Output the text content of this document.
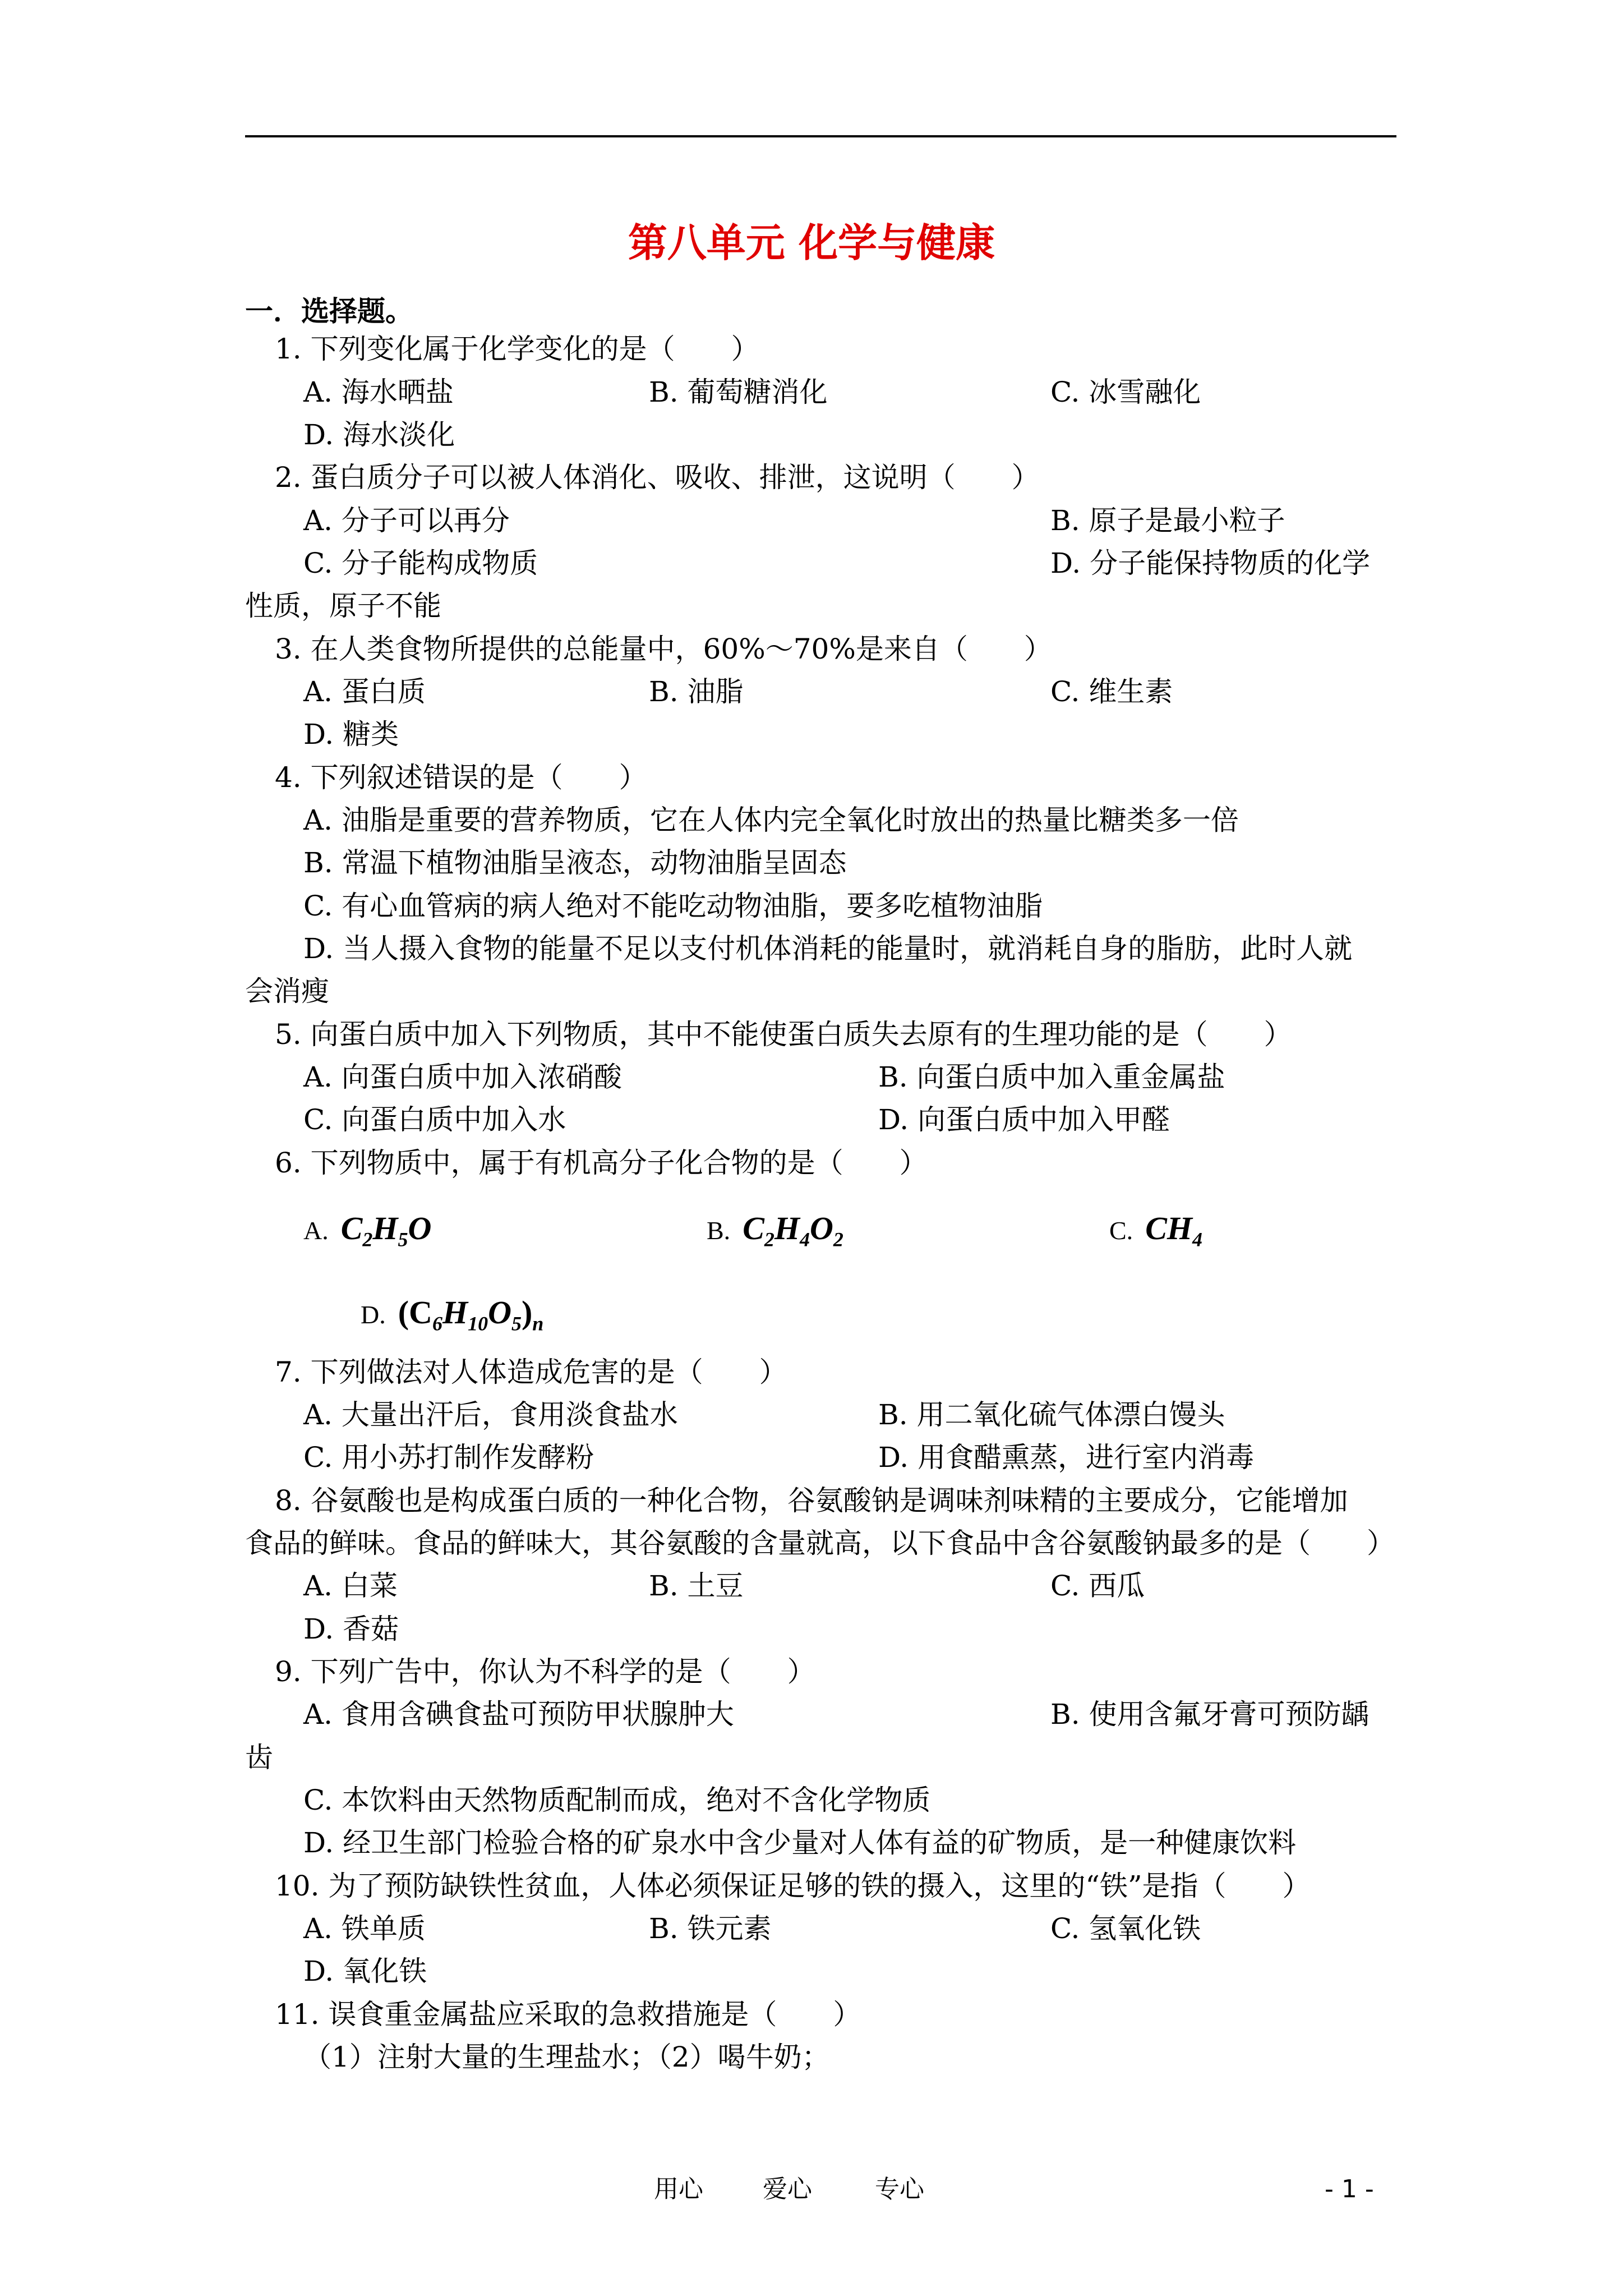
第八单元 化学与健康
一．选择题。
1. 下列变化属于化学变化的是（　　）
A. 海水晒盐	B. 葡萄糖消化	C. 冰雪融化
D. 海水淡化
2. 蛋白质分子可以被人体消化、吸收、排泄，这说明（　　）
A. 分子可以再分	B. 原子是最小粒子
C. 分子能构成物质	D. 分子能保持物质的化学
性质，原子不能
3. 在人类食物所提供的总能量中，60%～70%是来自（　　）
A. 蛋白质	B. 油脂	C. 维生素
D. 糖类
4. 下列叙述错误的是（　　）
A. 油脂是重要的营养物质，它在人体内完全氧化时放出的热量比糖类多一倍
B. 常温下植物油脂呈液态，动物油脂呈固态
C. 有心血管病的病人绝对不能吃动物油脂，要多吃植物油脂
D. 当人摄入食物的能量不足以支付机体消耗的能量时，就消耗自身的脂肪，此时人就
会消瘦
5. 向蛋白质中加入下列物质，其中不能使蛋白质失去原有的生理功能的是（　　）
A. 向蛋白质中加入浓硝酸	B. 向蛋白质中加入重金属盐
C. 向蛋白质中加入水	D. 向蛋白质中加入甲醛
6. 下列物质中，属于有机高分子化合物的是（　　）
A. $C_2H_5O$	B. $C_2H_4O_2$	C. $CH_4$
D. $(C_6H_{10}O_5)_n$
7. 下列做法对人体造成危害的是（　　）
A. 大量出汗后，食用淡食盐水	B. 用二氧化硫气体漂白馒头
C. 用小苏打制作发酵粉	D. 用食醋熏蒸，进行室内消毒
8. 谷氨酸也是构成蛋白质的一种化合物，谷氨酸钠是调味剂味精的主要成分，它能增加
食品的鲜味。食品的鲜味大，其谷氨酸的含量就高，以下食品中含谷氨酸钠最多的是（　　）
A. 白菜	B. 土豆	C. 西瓜
D. 香菇
9. 下列广告中，你认为不科学的是（　　）
A. 食用含碘食盐可预防甲状腺肿大	B. 使用含氟牙膏可预防龋
齿
C. 本饮料由天然物质配制而成，绝对不含化学物质
D. 经卫生部门检验合格的矿泉水中含少量对人体有益的矿物质，是一种健康饮料
10. 为了预防缺铁性贫血，人体必须保证足够的铁的摄入，这里的“铁”是指（　　）
A. 铁单质	B. 铁元素	C. 氢氧化铁
D. 氧化铁
11. 误食重金属盐应采取的急救措施是（　　）
（1）注射大量的生理盐水；（2）喝牛奶；
用心 爱心	专心	- 1 -
